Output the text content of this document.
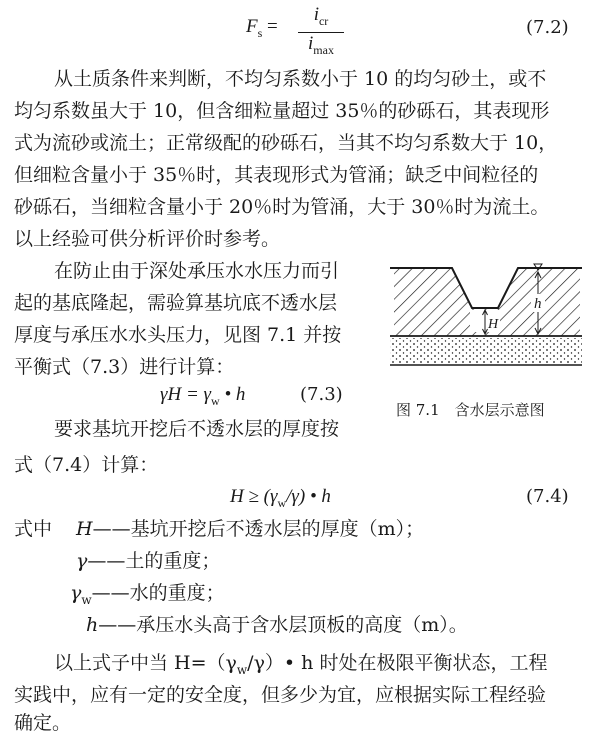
$F_s$ =
$i_{cr}$
$i_{max}$
(7.2)
从土质条件来判断，不均匀系数小于 10 的均匀砂土，或不
均匀系数虽大于 10，但含细粒量超过 35％的砂砾石，其表现形
式为流砂或流土；正常级配的砂砾石，当其不均匀系数大于 10，
但细粒含量小于 35％时，其表现形式为管涌；缺乏中间粒径的
砂砾石，当细粒含量小于 20％时为管涌，大于 30％时为流土。
以上经验可供分析评价时参考。
在防止由于深处承压水水压力而引
起的基底隆起，需验算基坑底不透水层
厚度与承压水水头压力，见图 7.1 并按
平衡式（7.3）进行计算：
$\gamma H = \gamma_w$ • h	(7.3)
要求基坑开挖后不透水层的厚度按
式（7.4）计算：
$H \ge (\gamma_w/\gamma)$ • h	(7.4)
h
H
图 7.1　含水层示意图
式中 H——基坑开挖后不透水层的厚度（m）；
γ——土的重度；
$\gamma_w——$水的重度；
h——承压水头高于含水层顶板的高度（m）。
以上式子中当 $H=(\gamma_w/\gamma)•$ h 时处在极限平衡状态，工程
实践中，应有一定的安全度，但多少为宜，应根据实际工程经验
确定。
